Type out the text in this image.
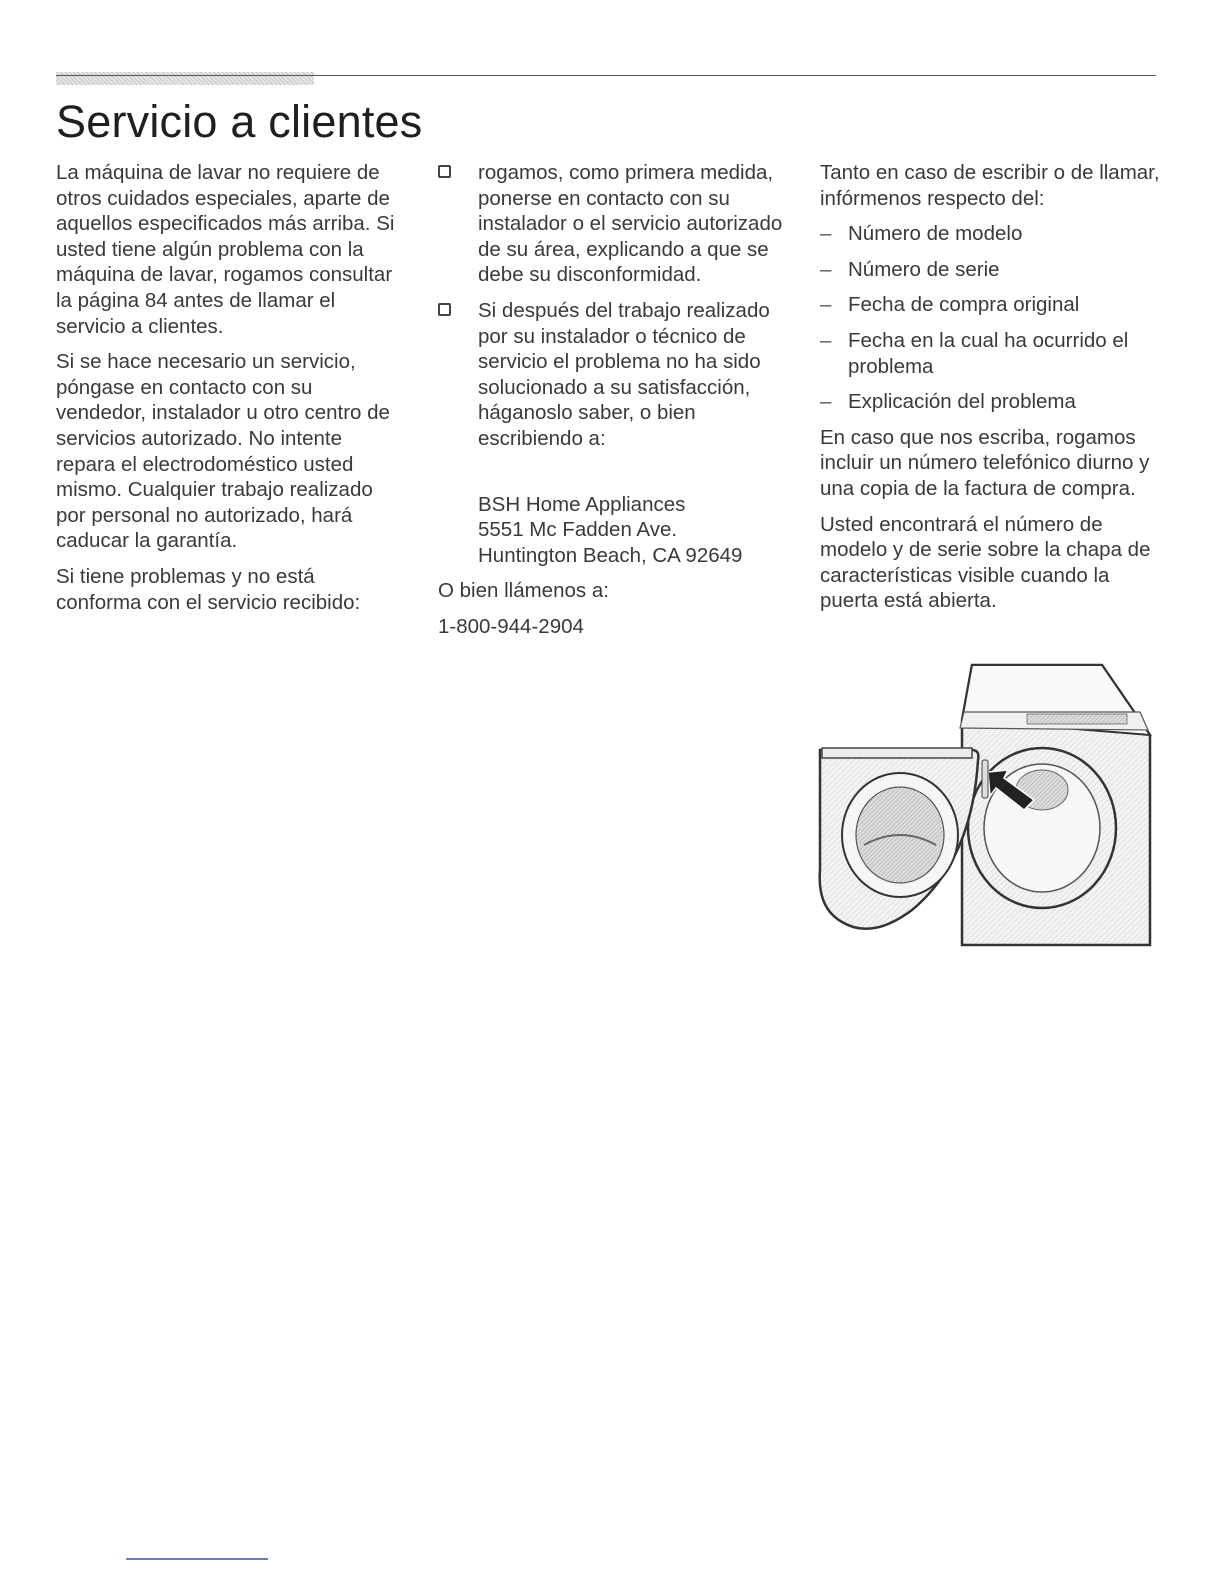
Servicio a clientes

La máquina de lavar no requiere de otros cuidados especiales, aparte de aquellos especificados más arriba. Si usted tiene algún problema con la máquina de lavar, rogamos consultar la página 84 antes de llamar el servicio a clientes.

Si se hace necesario un servicio, póngase en contacto con su vendedor, instalador u otro centro de servicios autorizado. No intente repara el electrodoméstico usted mismo. Cualquier trabajo realizado por personal no autorizado, hará caducar la garantía.

Si tiene problemas y no está conforma con el servicio recibido:

rogamos, como primera medida, ponerse en contacto con su instalador o el servicio autorizado de su área, explicando a que se debe su disconformidad.

Si después del trabajo realizado por su instalador o técnico de servicio el problema no ha sido solucionado a su satisfacción, háganoslo saber, o bien escribiendo a:

BSH Home Appliances

5551 Mc Fadden Ave.

Huntington Beach, CA 92649

O bien llámenos a:

1-800-944-2904

Tanto en caso de escribir o de llamar, infórmenos respecto del:

– Número de modelo
– Número de serie
– Fecha de compra original
– Fecha en la cual ha ocurrido el problema
– Explicación del problema

En caso que nos escriba, rogamos incluir un número telefónico diurno y una copia de la factura de compra.

Usted encontrará el número de modelo y de serie sobre la chapa de características visible cuando la puerta está abierta.
